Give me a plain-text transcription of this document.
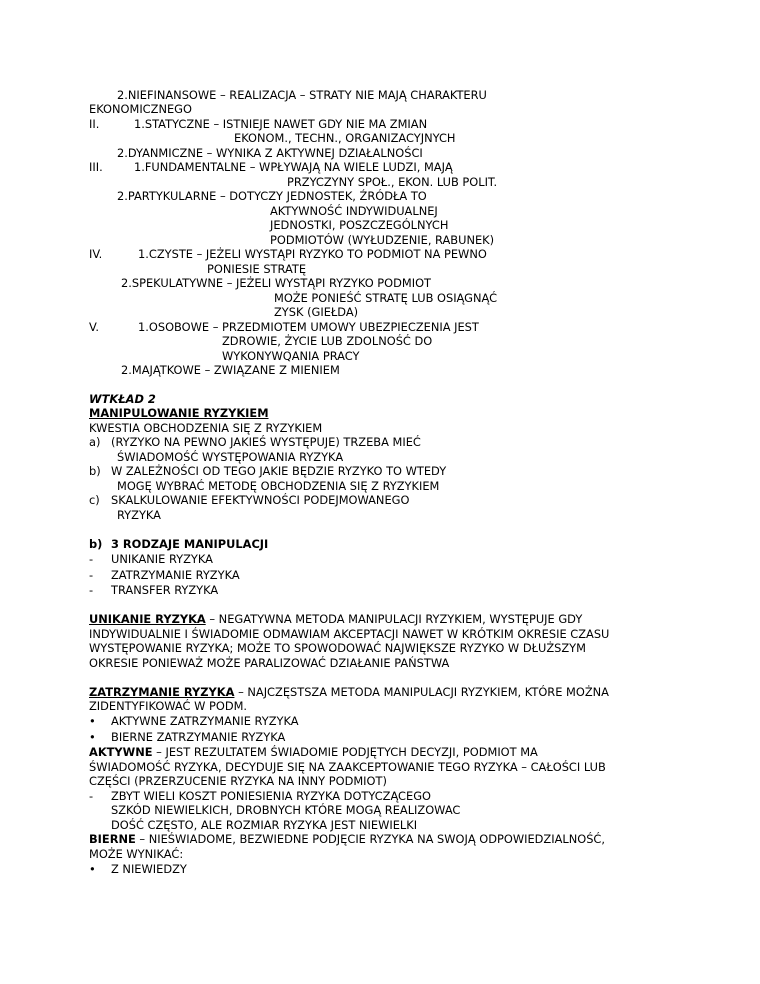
2.NIEFINANSOWE – REALIZACJA – STRATY NIE MAJĄ CHARAKTERU
EKONOMICZNEGO
II.	1.STATYCZNE – ISTNIEJE NAWET GDY NIE MA ZMIAN
EKONOM., TECHN., ORGANIZACYJNYCH
2.DYANMICZNE – WYNIKA Z AKTYWNEJ DZIAŁALNOŚCI
III.	1.FUNDAMENTALNE – WPŁYWAJĄ NA WIELE LUDZI, MAJĄ
PRZYCZYNY SPOŁ., EKON. LUB POLIT.
2.PARTYKULARNE – DOTYCZY JEDNOSTEK, ŹRÓDŁA TO
AKTYWNOŚĆ INDYWIDUALNEJ
JEDNOSTKI, POSZCZEGÓLNYCH
PODMIOTÓW (WYŁUDZENIE, RABUNEK)
IV.	1.CZYSTE – JEŻELI WYSTĄPI RYZYKO TO PODMIOT NA PEWNO
PONIESIE STRATĘ
2.SPEKULATYWNE – JEŻELI WYSTĄPI RYZYKO PODMIOT
MOŻE PONIEŚĆ STRATĘ LUB OSIĄGNĄĆ
ZYSK (GIEŁDA)
V.	1.OSOBOWE – PRZEDMIOTEM UMOWY UBEZPIECZENIA JEST
ZDROWIE, ŻYCIE LUB ZDOLNOŚĆ DO
WYKONYWQANIA PRACY
2.MAJĄTKOWE – ZWIĄZANE Z MIENIEM
WTKŁAD 2
MANIPULOWANIE RYZYKIEM
KWESTIA OBCHODZENIA SIĘ Z RYZYKIEM
a) (RYZYKO NA PEWNO JAKIEŚ WYSTĘPUJE) TRZEBA MIEĆ
ŚWIADOMOŚĆ WYSTĘPOWANIA RYZYKA
b) W ZALEŻNOŚCI OD TEGO JAKIE BĘDZIE RYZYKO TO WTEDY
MOGĘ WYBRAĆ METODĘ OBCHODZENIA SIĘ Z RYZYKIEM
c) SKALKULOWANIE EFEKTYWNOŚCI PODEJMOWANEGO
RYZYKA
b) 3 RODZAJE MANIPULACJI
- UNIKANIE RYZYKA
- ZATRZYMANIE RYZYKA
- TRANSFER RYZYKA
UNIKANIE RYZYKA – NEGATYWNA METODA MANIPULACJI RYZYKIEM, WYSTĘPUJE GDY
INDYWIDUALNIE I ŚWIADOMIE ODMAWIAM AKCEPTACJI NAWET W KRÓTKIM OKRESIE CZASU
WYSTĘPOWANIE RYZYKA; MOŻE TO SPOWODOWAĆ NAJWIĘKSZE RYZYKO W DŁUŻSZYM
OKRESIE PONIEWAŻ MOŻE PARALIZOWAĆ DZIAŁANIE PAŃSTWA
ZATRZYMANIE RYZYKA – NAJCZĘSTSZA METODA MANIPULACJI RYZYKIEM, KTÓRE MOŻNA
ZIDENTYFIKOWAĆ W PODM.
• AKTYWNE ZATRZYMANIE RYZYKA
• BIERNE ZATRZYMANIE RYZYKA
AKTYWNE – JEST REZULTATEM ŚWIADOMIE PODJĘTYCH DECYZJI, PODMIOT MA
ŚWIADOMOŚĆ RYZYKA, DECYDUJE SIĘ NA ZAAKCEPTOWANIE TEGO RYZYKA – CAŁOŚCI LUB
CZĘŚCI (PRZERZUCENIE RYZYKA NA INNY PODMIOT)
- ZBYT WIELI KOSZT PONIESIENIA RYZYKA DOTYCZĄCEGO
SZKÓD NIEWIELKICH, DROBNYCH KTÓRE MOGĄ REALIZOWAC
DOŚĆ CZĘSTO, ALE ROZMIAR RYZYKA JEST NIEWIELKI
BIERNE – NIEŚWIADOME, BEZWIEDNE PODJĘCIE RYZYKA NA SWOJĄ ODPOWIEDZIALNOŚĆ,
MOŻE WYNIKAĆ:
• Z NIEWIEDZY
